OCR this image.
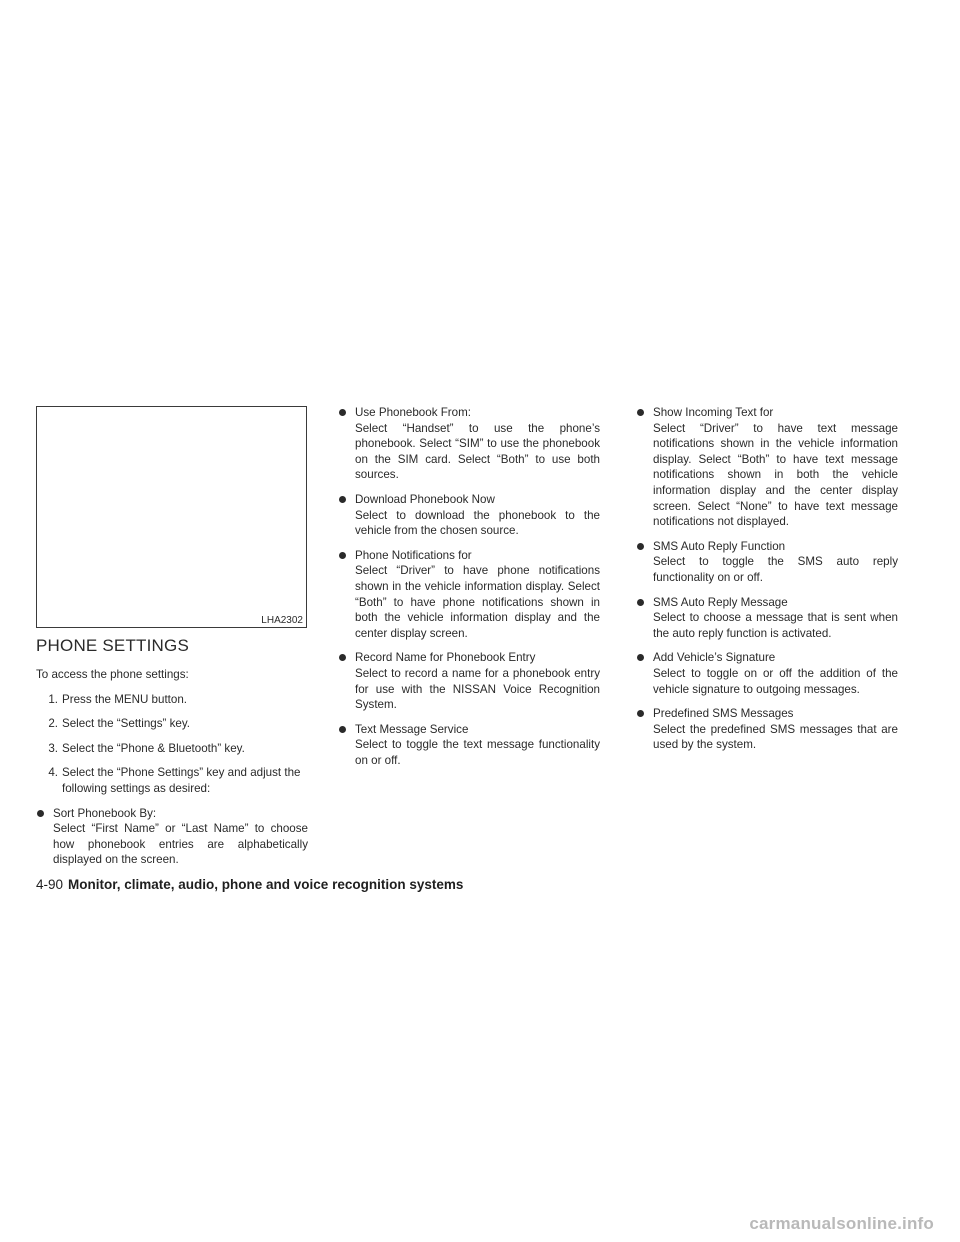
LHA2302
PHONE SETTINGS

To access the phone settings:

1. Press the MENU button.
2. Select the “Settings” key.
3. Select the “Phone & Bluetooth” key.
4. Select the “Phone Settings” key and adjust the following settings as desired:
Sort Phonebook By:
Select “First Name” or “Last Name” to choose how phonebook entries are alphabetically displayed on the screen.
Use Phonebook From:
Select “Handset” to use the phone’s phonebook. Select “SIM” to use the phonebook on the SIM card. Select “Both” to use both sources.
Download Phonebook Now
Select to download the phonebook to the vehicle from the chosen source.
Phone Notifications for
Select “Driver” to have phone notifications shown in the vehicle information display. Select “Both” to have phone notifications shown in both the vehicle information display and the center display screen.
Record Name for Phonebook Entry
Select to record a name for a phonebook entry for use with the NISSAN Voice Recognition System.
Text Message Service
Select to toggle the text message functionality on or off.
Show Incoming Text for
Select “Driver” to have text message notifications shown in the vehicle information display. Select “Both” to have text message notifications shown in both the vehicle information display and the center display screen. Select “None” to have text message notifications not displayed.
SMS Auto Reply Function
Select to toggle the SMS auto reply functionality on or off.
SMS Auto Reply Message
Select to choose a message that is sent when the auto reply function is activated.
Add Vehicle’s Signature
Select to toggle on or off the addition of the vehicle signature to outgoing messages.
Predefined SMS Messages
Select the predefined SMS messages that are used by the system.
4-90 Monitor, climate, audio, phone and voice recognition systems
carmanualsonline.info
